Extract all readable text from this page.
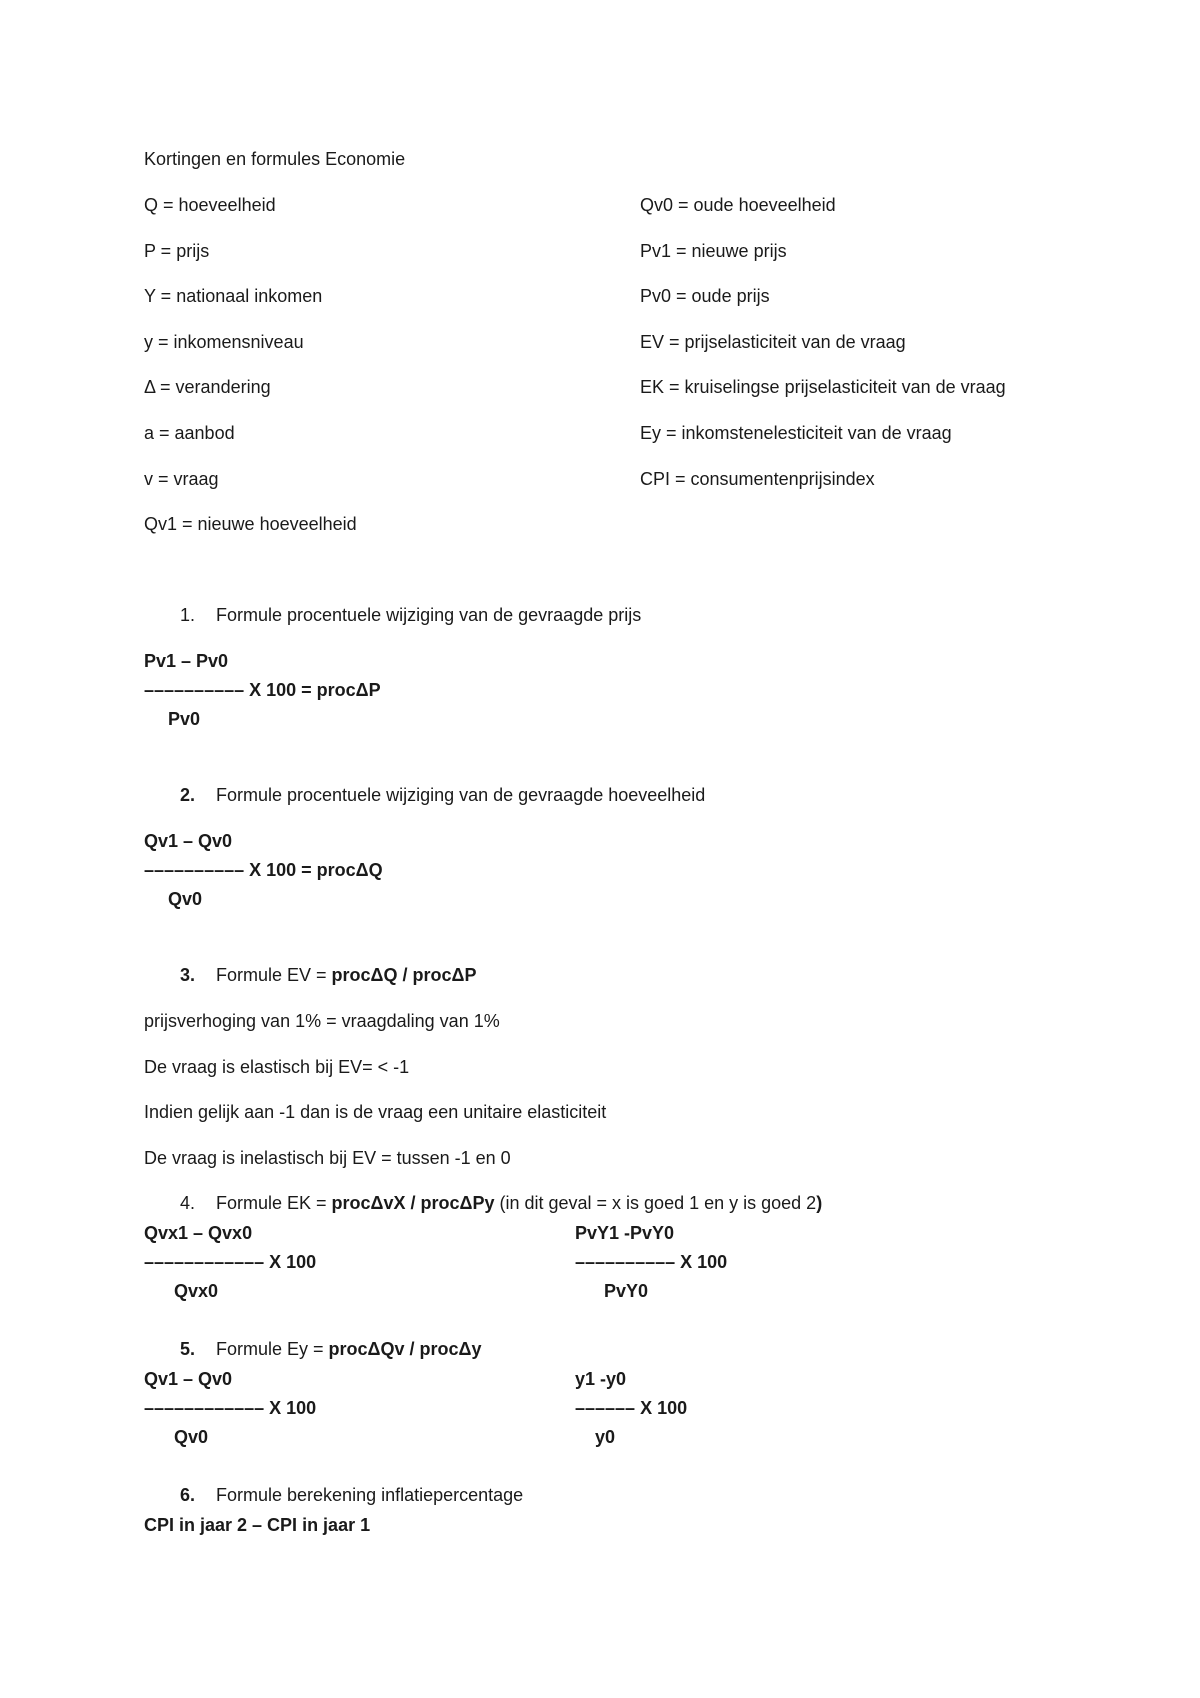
Kortingen en formules Economie
Q = hoeveelheid
P = prijs
Y = nationaal inkomen
y = inkomensniveau
Δ = verandering
a = aanbod
v = vraag
Qv1 = nieuwe hoeveelheid
Qv0 = oude hoeveelheid
Pv1 = nieuwe prijs
Pv0 = oude prijs
EV = prijselasticiteit van de vraag
EK = kruiselingse prijselasticiteit van de vraag
Ey = inkomstenelesticiteit van de vraag
CPI = consumentenprijsindex
1. Formule procentuele wijziging van de gevraagde prijs
Pv1 – Pv0
–––––––––– X 100 = procΔP
Pv0
2. Formule procentuele wijziging van de gevraagde hoeveelheid
Qv1 – Qv0
–––––––––– X 100 = procΔQ
Qv0
3. Formule EV = procΔQ / procΔP
prijsverhoging van 1% = vraagdaling van 1%
De vraag is elastisch bij EV= < -1
Indien gelijk aan -1 dan is de vraag een unitaire elasticiteit
De vraag is inelastisch bij EV = tussen -1 en 0
4. Formule EK = procΔvX / procΔPy (in dit geval = x is goed 1 en y is goed 2)
Qvx1 – Qvx0
–––––––––––– X 100
Qvx0
PvY1 -PvY0
–––––––––– X 100
PvY0
5. Formule Ey = procΔQv / procΔy
Qv1 – Qv0
–––––––––––– X 100
Qv0
y1 -y0
–––––– X 100
y0
6. Formule berekening inflatiepercentage
CPI in jaar 2 – CPI in jaar 1
